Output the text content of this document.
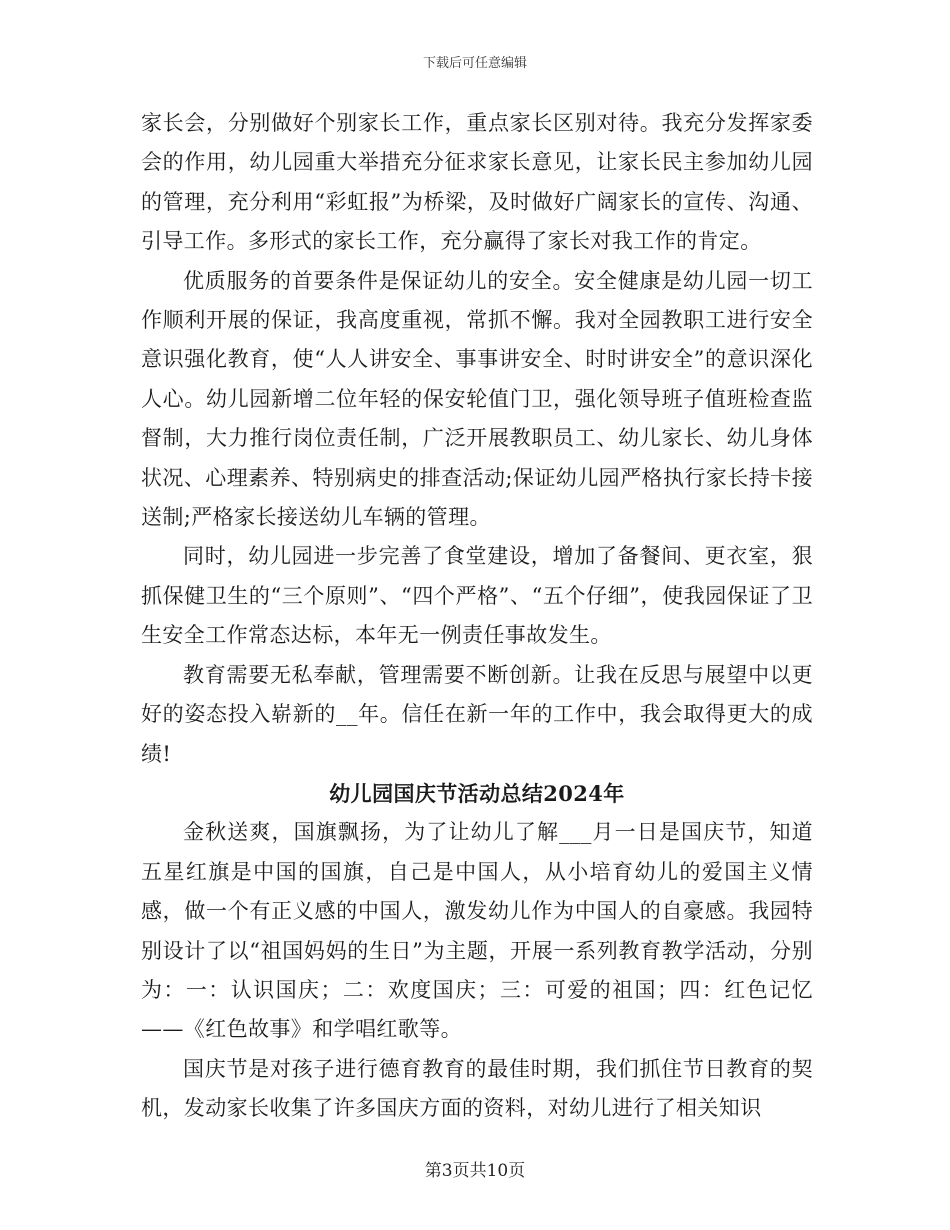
下载后可任意编辑

家长会，分别做好个别家长工作，重点家长区别对待。我充分发挥家委会的作用，幼儿园重大举措充分征求家长意见，让家长民主参加幼儿园的管理，充分利用“彩虹报”为桥梁，及时做好广阔家长的宣传、沟通、引导工作。多形式的家长工作，充分赢得了家长对我工作的肯定。

优质服务的首要条件是保证幼儿的安全。安全健康是幼儿园一切工作顺利开展的保证，我高度重视，常抓不懈。我对全园教职工进行安全意识强化教育，使“人人讲安全、事事讲安全、时时讲安全”的意识深化人心。幼儿园新增二位年轻的保安轮值门卫，强化领导班子值班检查监督制，大力推行岗位责任制，广泛开展教职员工、幼儿家长、幼儿身体状况、心理素养、特别病史的排查活动;保证幼儿园严格执行家长持卡接送制;严格家长接送幼儿车辆的管理。

同时，幼儿园进一步完善了食堂建设，增加了备餐间、更衣室，狠抓保健卫生的“三个原则”、“四个严格”、“五个仔细”，使我园保证了卫生安全工作常态达标，本年无一例责任事故发生。

教育需要无私奉献，管理需要不断创新。让我在反思与展望中以更好的姿态投入崭新的__年。信任在新一年的工作中，我会取得更大的成绩!

幼儿园国庆节活动总结2024年

金秋送爽，国旗飘扬，为了让幼儿了解___月一日是国庆节，知道五星红旗是中国的国旗，自己是中国人，从小培育幼儿的爱国主义情感，做一个有正义感的中国人，激发幼儿作为中国人的自豪感。我园特别设计了以“祖国妈妈的生日”为主题，开展一系列教育教学活动，分别为：一：认识国庆；二：欢度国庆；三：可爱的祖国；四：红色记忆——《红色故事》和学唱红歌等。

国庆节是对孩子进行德育教育的最佳时期，我们抓住节日教育的契机，发动家长收集了许多国庆方面的资料，对幼儿进行了相关知识

第3页共10页
